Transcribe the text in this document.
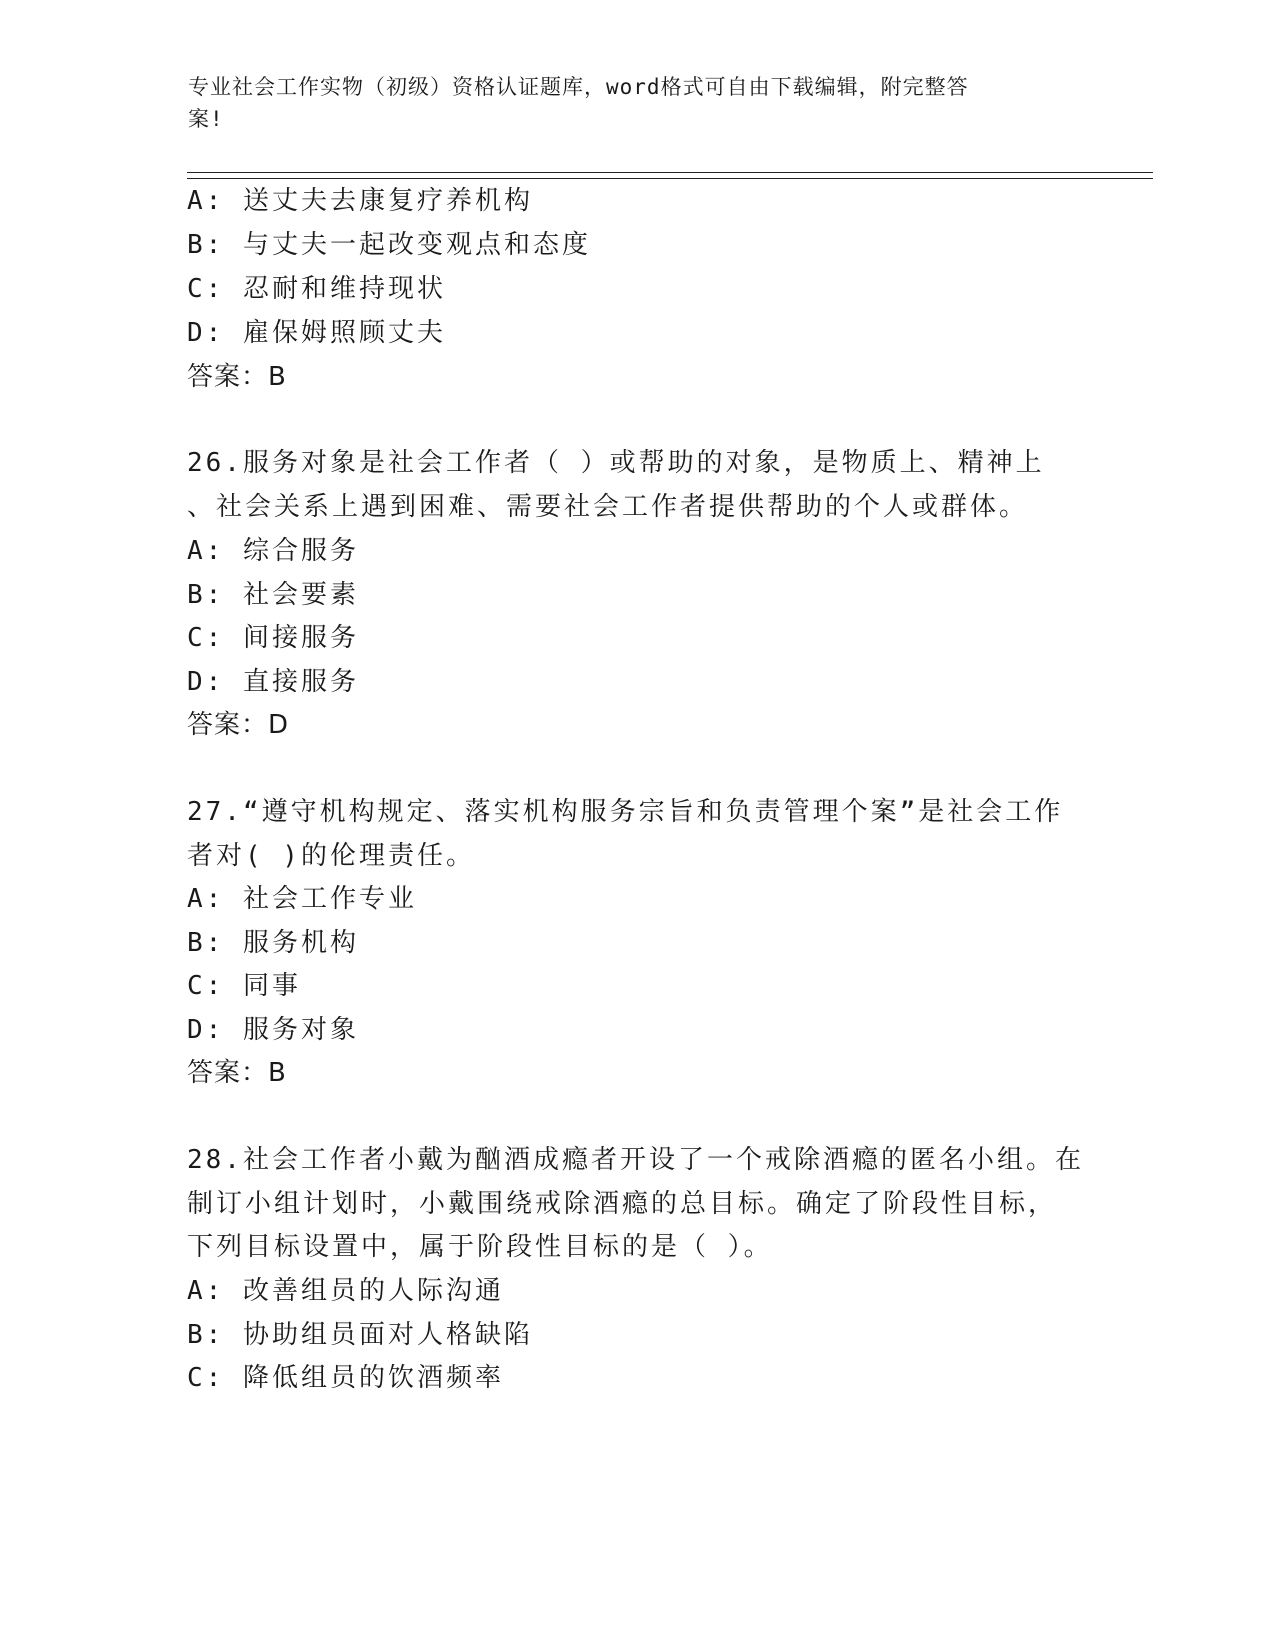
专业社会工作实物（初级）资格认证题库，word格式可自由下载编辑，附完整答
案!
A: 送丈夫去康复疗养机构
B: 与丈夫一起改变观点和态度
C: 忍耐和维持现状
D: 雇保姆照顾丈夫
答案：B
26.服务对象是社会工作者（ ）或帮助的对象，是物质上、精神上
、社会关系上遇到困难、需要社会工作者提供帮助的个人或群体。
A: 综合服务
B: 社会要素
C: 间接服务
D: 直接服务
答案：D
27.“遵守机构规定、落实机构服务宗旨和负责管理个案”是社会工作
者对( )的伦理责任。
A: 社会工作专业
B: 服务机构
C: 同事
D: 服务对象
答案：B
28.社会工作者小戴为酗酒成瘾者开设了一个戒除酒瘾的匿名小组。在
制订小组计划时，小戴围绕戒除酒瘾的总目标。确定了阶段性目标，
下列目标设置中，属于阶段性目标的是（ ）。
A: 改善组员的人际沟通
B: 协助组员面对人格缺陷
C: 降低组员的饮酒频率
